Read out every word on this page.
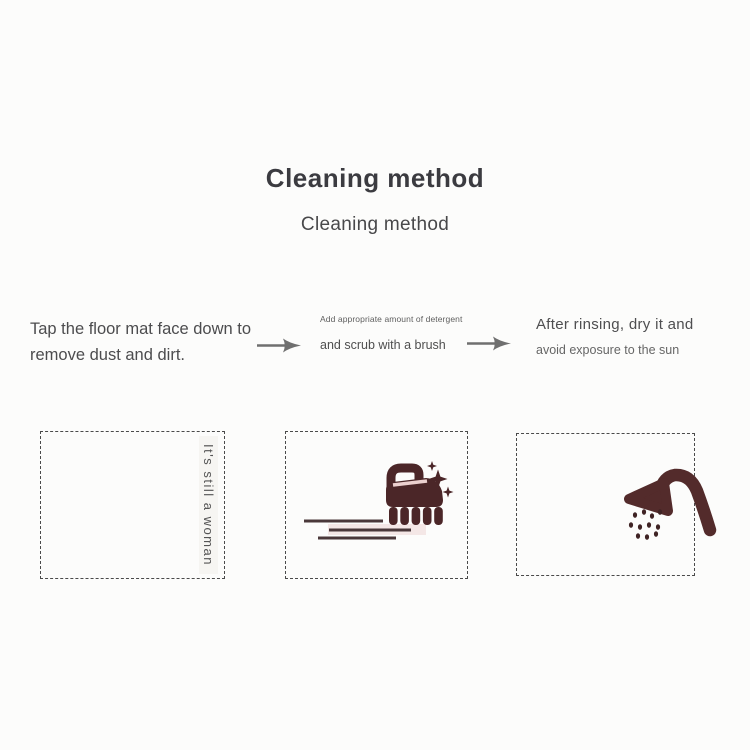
Cleaning method
Cleaning method

Tap the floor mat face down to

remove dust and dirt.

Add appropriate amount of detergent

and scrub with a brush

After rinsing, dry it and

avoid exposure to the sun

It's still a woman
